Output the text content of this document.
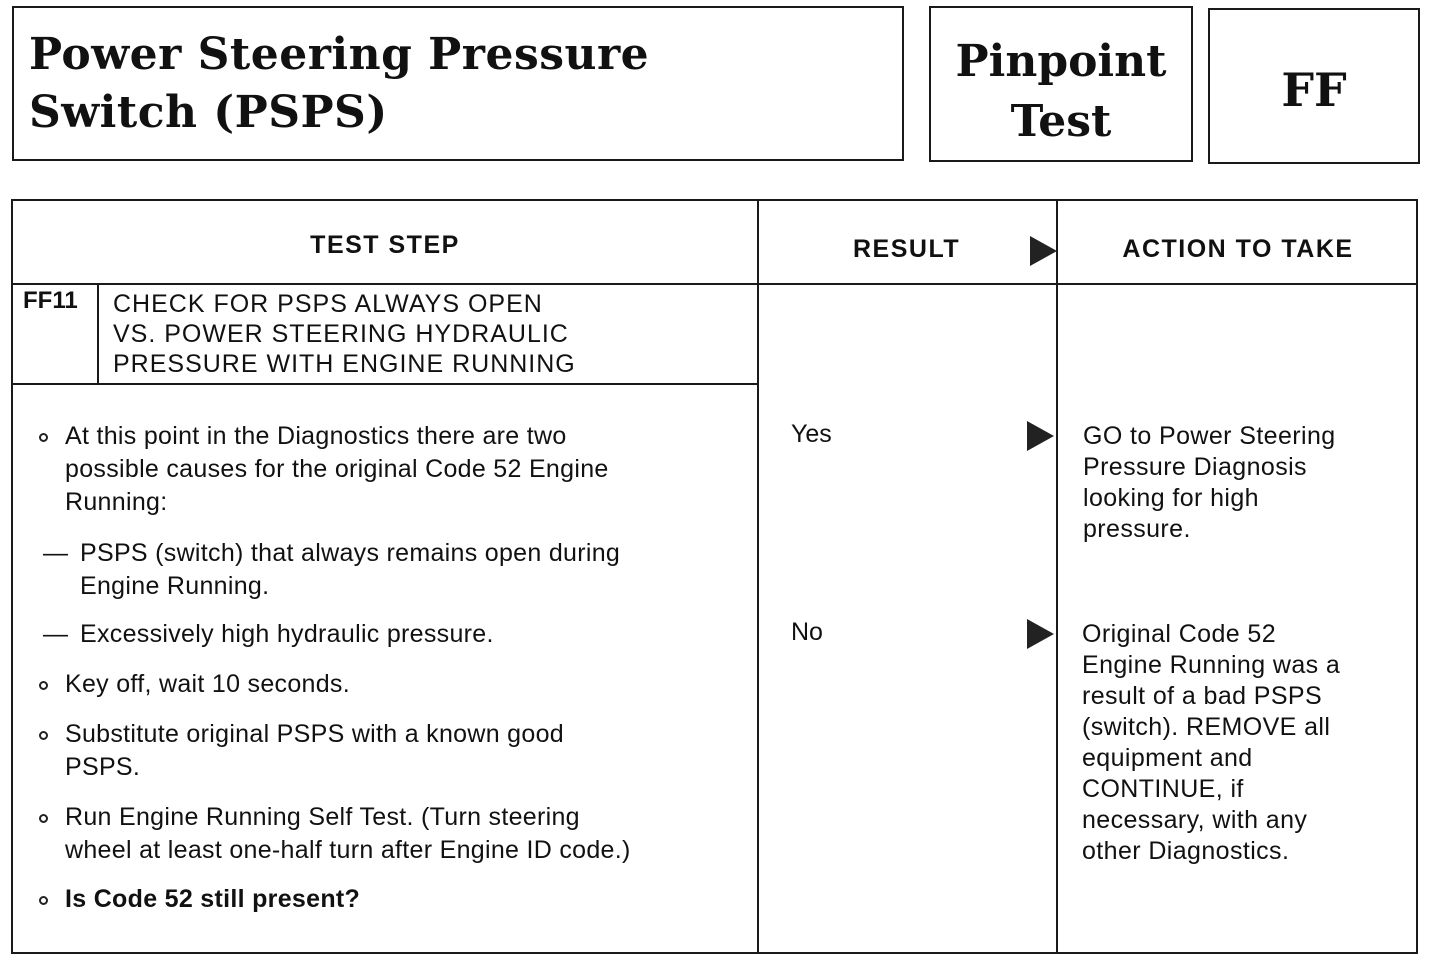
Power Steering Pressure
Switch (PSPS)
Pinpoint
Test
FF
TEST STEP	RESULT	ACTION TO TAKE
FF11 CHECK FOR PSPS ALWAYS OPEN
VS. POWER STEERING HYDRAULIC
PRESSURE WITH ENGINE RUNNING
At this point in the Diagnostics there are two
possible causes for the original Code 52 Engine
Running:
— PSPS (switch) that always remains open during
Engine Running.
— Excessively high hydraulic pressure.
Key off, wait 10 seconds.
Substitute original PSPS with a known good
PSPS.
Run Engine Running Self Test. (Turn steering
wheel at least one-half turn after Engine ID code.)
Is Code 52 still present?
Yes
No
GO to Power Steering
Pressure Diagnosis
looking for high
pressure.
Original Code 52
Engine Running was a
result of a bad PSPS
(switch). REMOVE all
equipment and
CONTINUE, if
necessary, with any
other Diagnostics.
